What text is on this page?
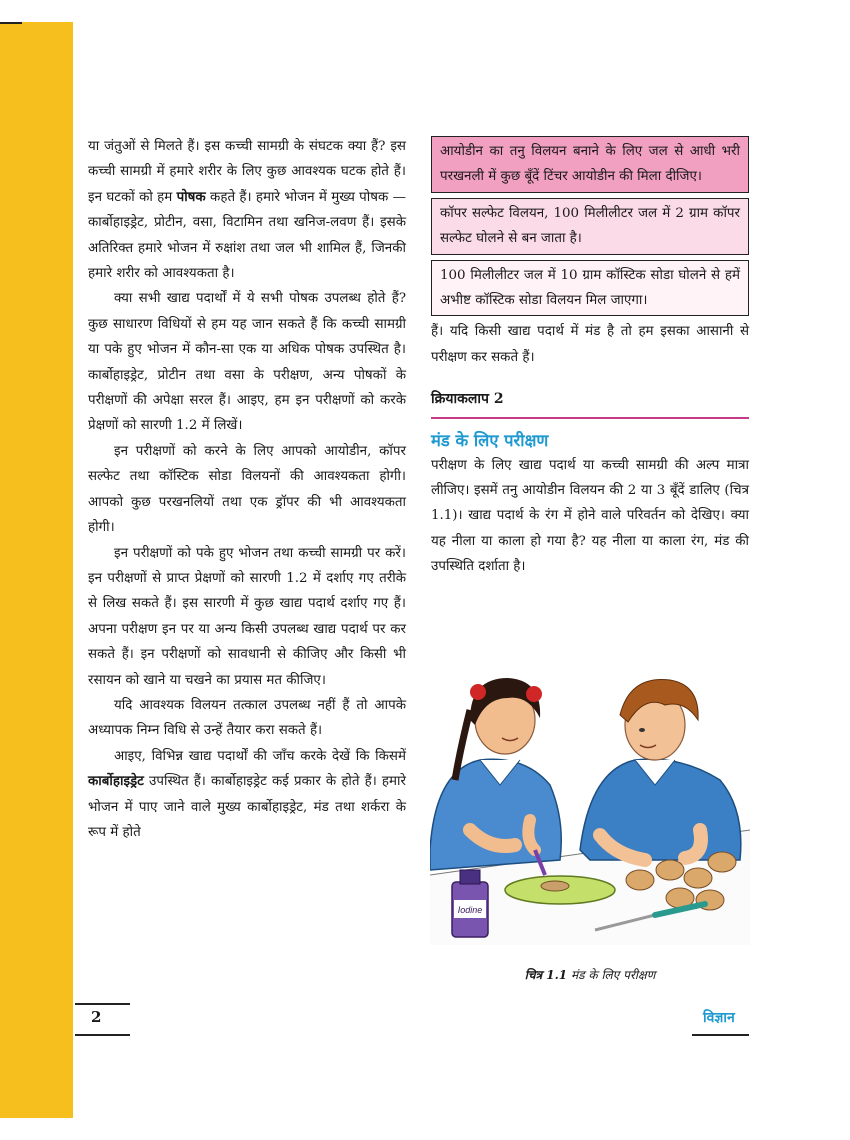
या जंतुओं से मिलते हैं। इस कच्ची सामग्री के संघटक क्या हैं? इस कच्ची सामग्री में हमारे शरीर के लिए कुछ आवश्यक घटक होते हैं। इन घटकों को हम पोषक कहते हैं। हमारे भोजन में मुख्य पोषक — कार्बोहाइड्रेट, प्रोटीन, वसा, विटामिन तथा खनिज-लवण हैं। इसके अतिरिक्त हमारे भोजन में रुक्षांश तथा जल भी शामिल हैं, जिनकी हमारे शरीर को आवश्यकता है।

क्या सभी खाद्य पदार्थों में ये सभी पोषक उपलब्ध होते हैं? कुछ साधारण विधियों से हम यह जान सकते हैं कि कच्ची सामग्री या पके हुए भोजन में कौन-सा एक या अधिक पोषक उपस्थित है। कार्बोहाइड्रेट, प्रोटीन तथा वसा के परीक्षण, अन्य पोषकों के परीक्षणों की अपेक्षा सरल हैं। आइए, हम इन परीक्षणों को करके प्रेक्षणों को सारणी 1.2 में लिखें।

इन परीक्षणों को करने के लिए आपको आयोडीन, कॉपर सल्फेट तथा कॉस्टिक सोडा विलयनों की आवश्यकता होगी। आपको कुछ परखनलियों तथा एक ड्रॉपर की भी आवश्यकता होगी।

इन परीक्षणों को पके हुए भोजन तथा कच्ची सामग्री पर करें। इन परीक्षणों से प्राप्त प्रेक्षणों को सारणी 1.2 में दर्शाए गए तरीके से लिख सकते हैं। इस सारणी में कुछ खाद्य पदार्थ दर्शाए गए हैं। अपना परीक्षण इन पर या अन्य किसी उपलब्ध खाद्य पदार्थ पर कर सकते हैं। इन परीक्षणों को सावधानी से कीजिए और किसी भी रसायन को खाने या चखने का प्रयास मत कीजिए।

यदि आवश्यक विलयन तत्काल उपलब्ध नहीं हैं तो आपके अध्यापक निम्न विधि से उन्हें तैयार करा सकते हैं।

आइए, विभिन्न खाद्य पदार्थों की जाँच करके देखें कि किसमें कार्बोहाइड्रेट उपस्थित हैं। कार्बोहाइड्रेट कई प्रकार के होते हैं। हमारे भोजन में पाए जाने वाले मुख्य कार्बोहाइड्रेट, मंड तथा शर्करा के रूप में होते

आयोडीन का तनु विलयन बनाने के लिए जल से आधी भरी परखनली में कुछ बूँदें टिंचर आयोडीन की मिला दीजिए।
कॉपर सल्फेट विलयन, 100 मिलीलीटर जल में 2 ग्राम कॉपर सल्फेट घोलने से बन जाता है।
100 मिलीलीटर जल में 10 ग्राम कॉस्टिक सोडा घोलने से हमें अभीष्ट कॉस्टिक सोडा विलयन मिल जाएगा।

हैं। यदि किसी खाद्य पदार्थ में मंड है तो हम इसका आसानी से परीक्षण कर सकते हैं।

क्रियाकलाप 2
मंड के लिए परीक्षण

परीक्षण के लिए खाद्य पदार्थ या कच्ची सामग्री की अल्प मात्रा लीजिए। इसमें तनु आयोडीन विलयन की 2 या 3 बूँदें डालिए (चित्र 1.1)। खाद्य पदार्थ के रंग में होने वाले परिवर्तन को देखिए। क्या यह नीला या काला हो गया है? यह नीला या काला रंग, मंड की उपस्थिति दर्शाता है।

Iodine
चित्र 1.1 मंड के लिए परीक्षण
2	विज्ञान
